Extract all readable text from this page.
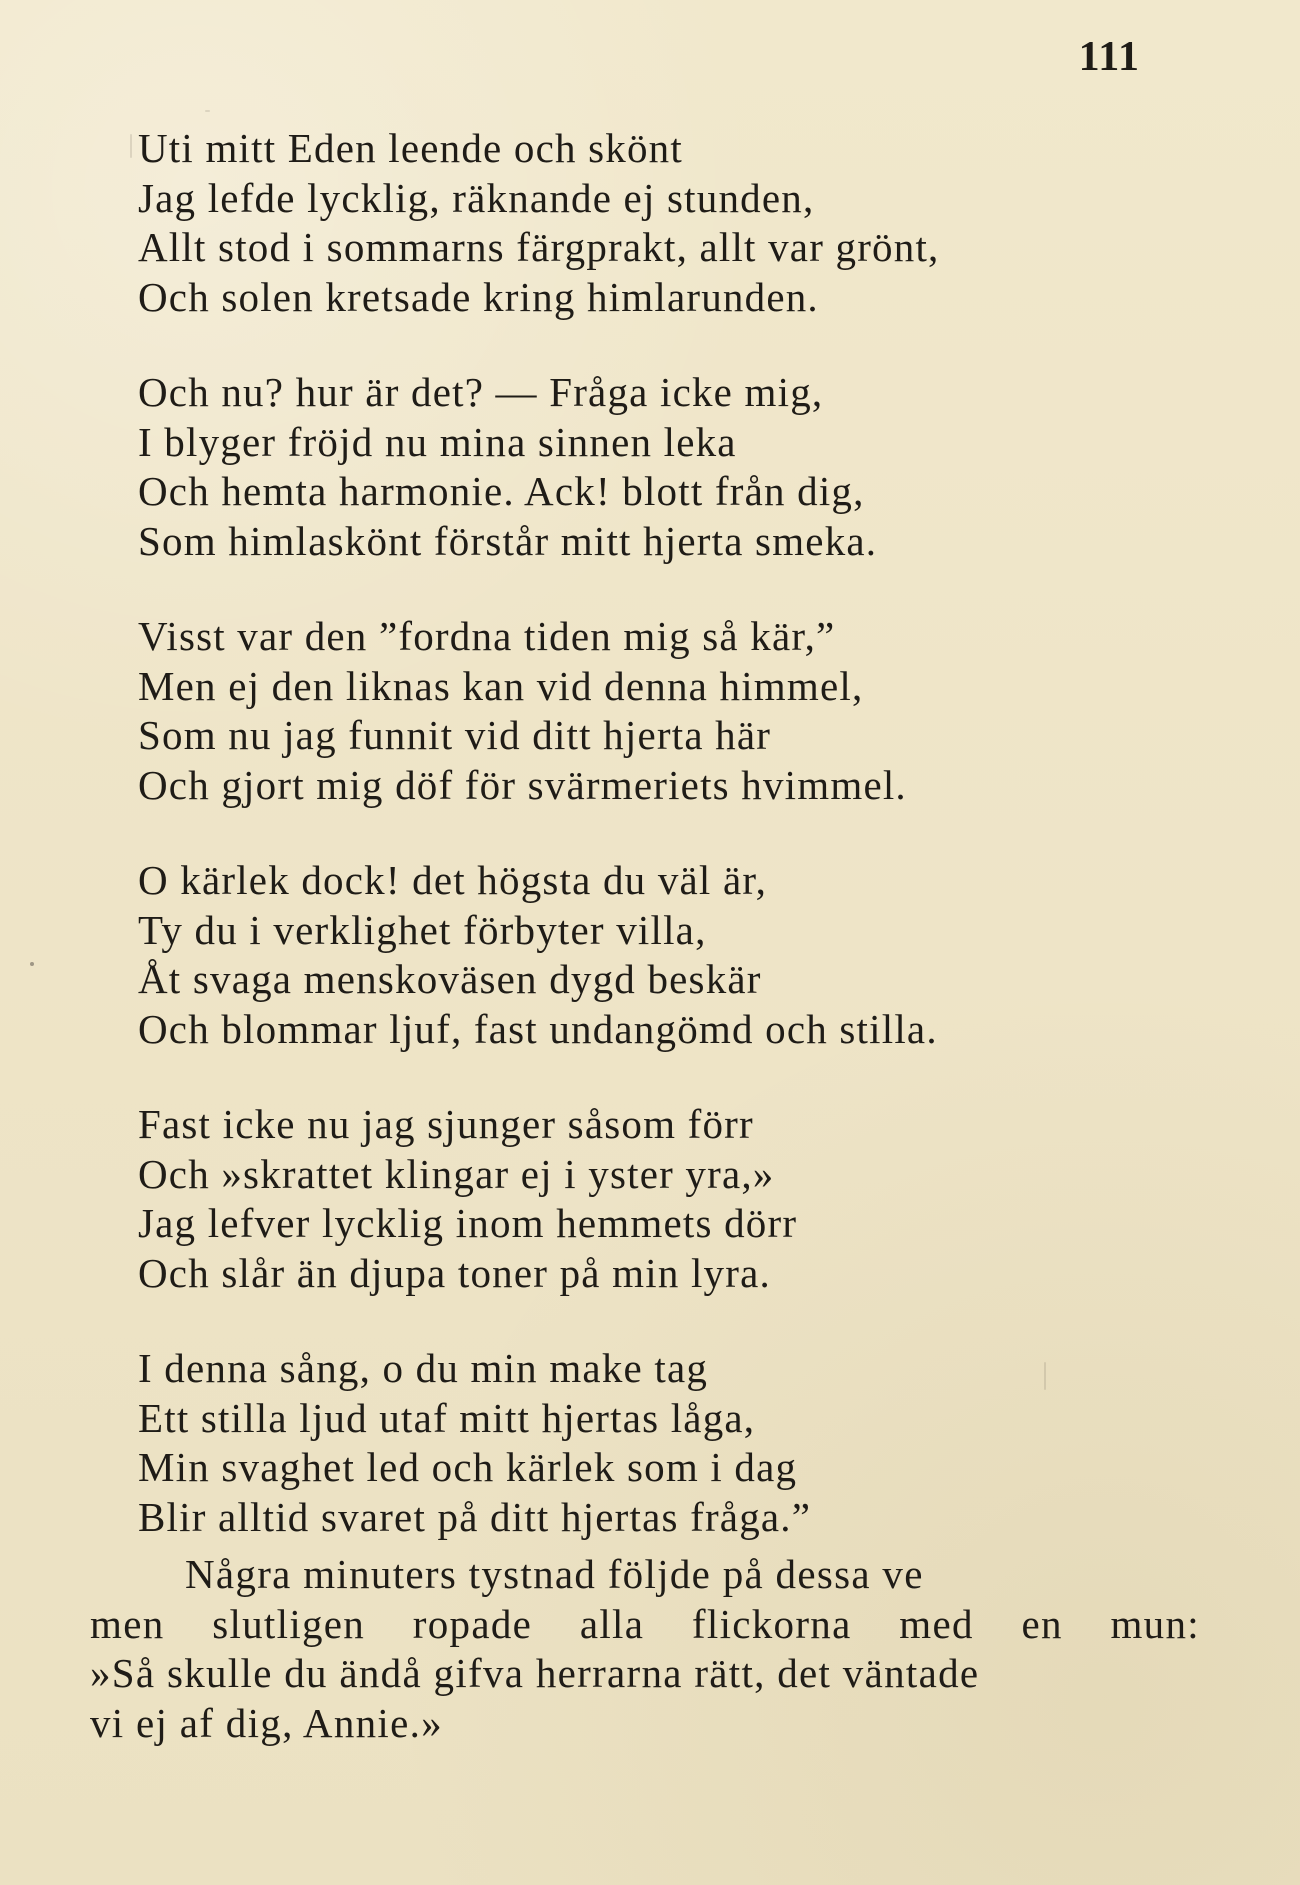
111
Uti mitt Eden leende och skönt
Jag lefde lycklig, räknande ej stunden,
Allt stod i sommarns färgprakt, allt var grönt,
Och solen kretsade kring himlarunden.
Och nu? hur är det? — Fråga icke mig,
I blyger fröjd nu mina sinnen leka
Och hemta harmonie. Ack! blott från dig,
Som himlaskönt förstår mitt hjerta smeka.
Visst var den ”fordna tiden mig så kär,”
Men ej den liknas kan vid denna himmel,
Som nu jag funnit vid ditt hjerta här
Och gjort mig döf för svärmeriets hvimmel.
O kärlek dock! det högsta du väl är,
Ty du i verklighet förbyter villa,
Åt svaga menskoväsen dygd beskär
Och blommar ljuf, fast undangömd och stilla.
Fast icke nu jag sjunger såsom förr
Och »skrattet klingar ej i yster yra,»
Jag lefver lycklig inom hemmets dörr
Och slår än djupa toner på min lyra.
I denna sång, o du min make tag
Ett stilla ljud utaf mitt hjertas låga,
Min svaghet led och kärlek som i dag
Blir alltid svaret på ditt hjertas fråga.”
Några minuters tystnad följde på dessa ve
men slutligen ropade alla flickorna med en mun:
»Så skulle du ändå gifva herrarna rätt, det väntade
vi ej af dig, Annie.»
